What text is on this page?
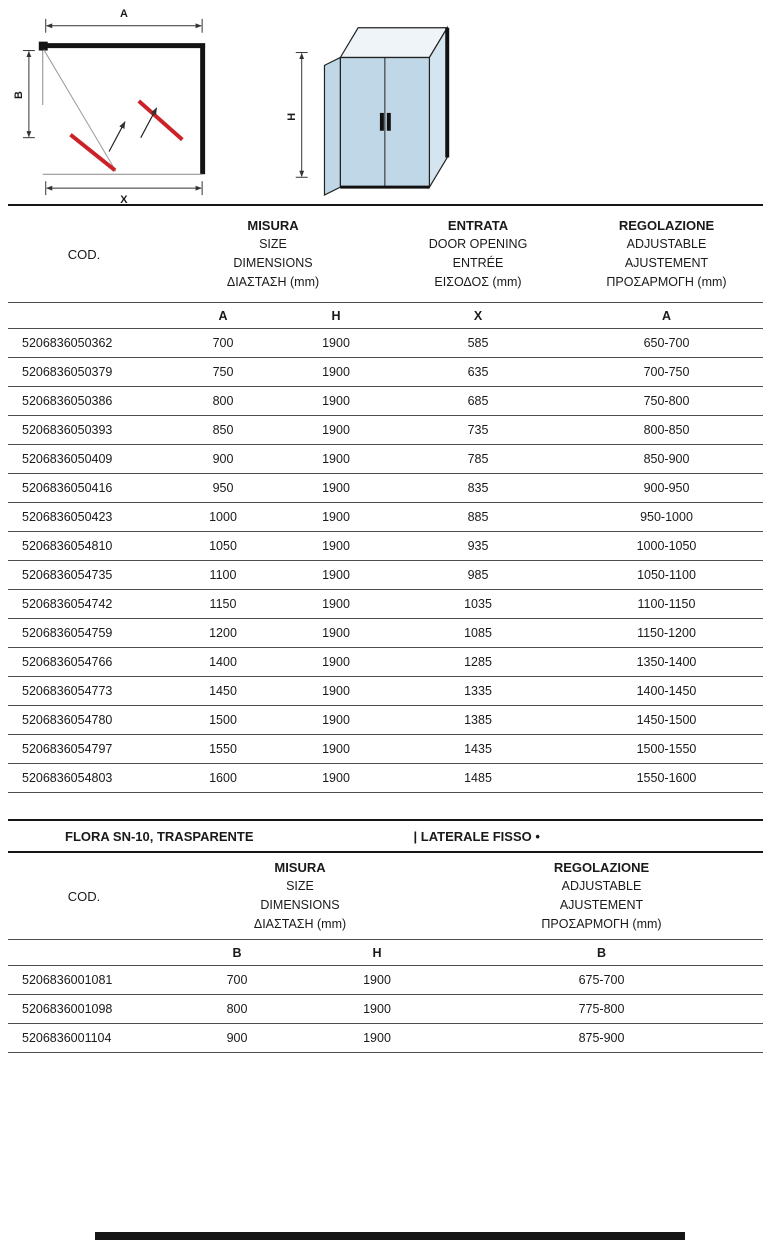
A
B
X
H
COD.	
MISURA
SIZE
DIMENSIONS
ΔΙΑΣΤΑΣΗ (mm)

ENTRATA
DOOR OPENING
ENTRÉE
ΕΙΣΟΔΟΣ (mm)

REGOLAZIONE
ADJUSTABLE
AJUSTEMENT
ΠΡΟΣΑΡΜΟΓΗ (mm)

	A	H	X	A
5206836050362	700	1900	585	650-700
5206836050379	750	1900	635	700-750
5206836050386	800	1900	685	750-800
5206836050393	850	1900	735	800-850
5206836050409	900	1900	785	850-900
5206836050416	950	1900	835	900-950
5206836050423	1000	1900	885	950-1000
5206836054810	1050	1900	935	1000-1050
5206836054735	1100	1900	985	1050-1100
5206836054742	1150	1900	1035	1100-1150
5206836054759	1200	1900	1085	1150-1200
5206836054766	1400	1900	1285	1350-1400
5206836054773	1450	1900	1335	1400-1450
5206836054780	1500	1900	1385	1450-1500
5206836054797	1550	1900	1435	1500-1550
5206836054803	1600	1900	1485	1550-1600
FLORA SN-10, TRASPARENTE	| LATERALE FISSO •
COD.	
MISURA
SIZE
DIMENSIONS
ΔΙΑΣΤΑΣΗ (mm)

REGOLAZIONE
ADJUSTABLE
AJUSTEMENT
ΠΡΟΣΑΡΜΟΓΗ (mm)

	B	H	B
5206836001081	700	1900	675-700
5206836001098	800	1900	775-800
5206836001104	900	1900	875-900
